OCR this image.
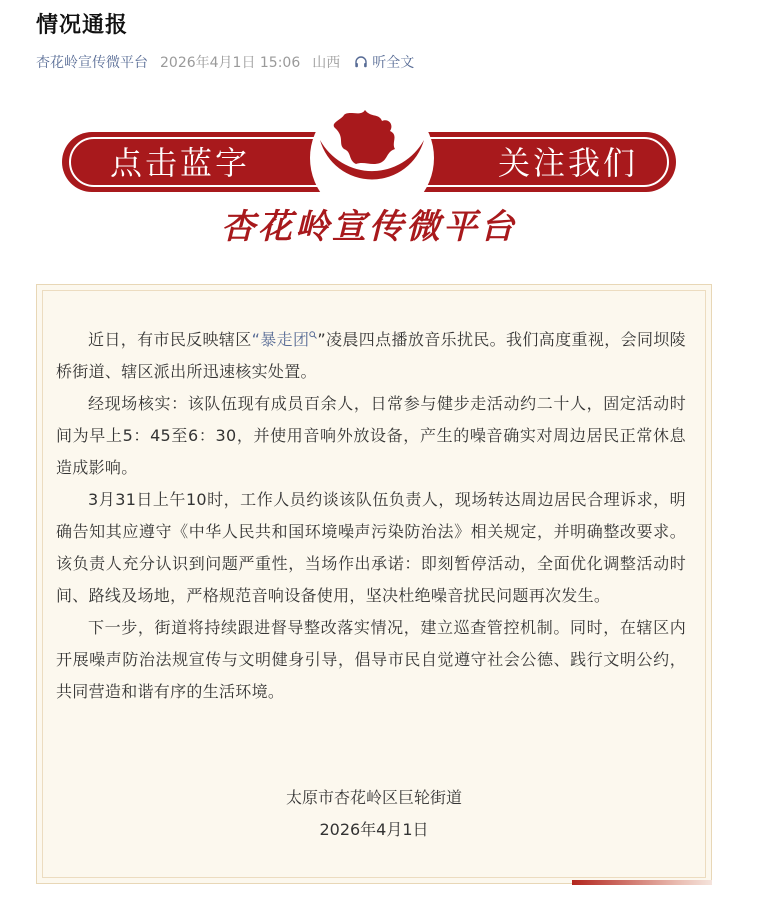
情况通报
杏花岭宣传微平台 2026年4月1日 15:06 山西 听全文
点击蓝字	关注我们
杏花岭宣传微平台

近日，有市民反映辖区“暴走团 ”凌晨四点播放音乐扰民。我们高度重视，会同坝陵桥街道、辖区派出所迅速核实处置。

经现场核实：该队伍现有成员百余人，日常参与健步走活动约二十人，固定活动时间为早上5：45至6：30，并使用音响外放设备，产生的噪音确实对周边居民正常休息造成影响。

3月31日上午10时，工作人员约谈该队伍负责人，现场转达周边居民合理诉求，明确告知其应遵守《中华人民共和国环境噪声污染防治法》相关规定，并明确整改要求。该负责人充分认识到问题严重性，当场作出承诺：即刻暂停活动，全面优化调整活动时间、路线及场地，严格规范音响设备使用，坚决杜绝噪音扰民问题再次发生。

下一步，街道将持续跟进督导整改落实情况，建立巡查管控机制。同时，在辖区内开展噪声防治法规宣传与文明健身引导，倡导市民自觉遵守社会公德、践行文明公约，共同营造和谐有序的生活环境。

太原市杏花岭区巨轮街道
2026年4月1日
